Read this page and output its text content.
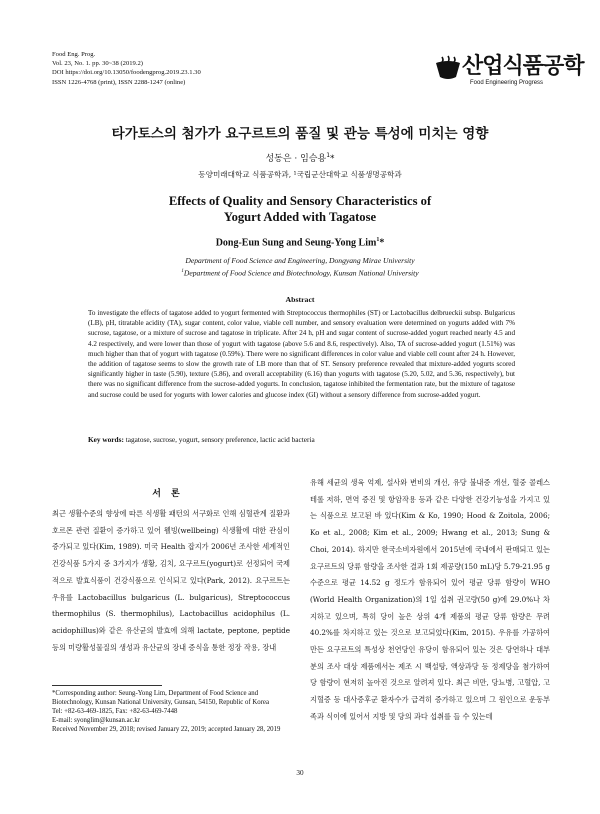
Food Eng. Prog.
Vol. 23, No. 1. pp. 30~38 (2019.2)
DOI https://doi.org/10.13050/foodengprog.2019.23.1.30
ISSN 1226-4768 (print), ISSN 2288-1247 (online)
산업식품공학
Food Engineering Progress
타가토스의 첨가가 요구르트의 품질 및 관능 특성에 미치는 영향
성동은 · 임승용$^1$*
동양미래대학교 식품공학과, ¹국립군산대학교 식품생명공학과
Effects of Quality and Sensory Characteristics of
Yogurt Added with Tagatose
Dong-Eun Sung and Seung-Yong Lim$^1$*
Department of Food Science and Engineering, Dongyang Mirae University
$^1$Department of Food Science and Biotechnology, Kunsan National University
Abstract
To investigate the effects of tagatose added to yogurt fermented with Streptococcus thermophiles (ST) or Lactobacillus delbrueckii subsp. Bulgaricus (LB), pH, titratable acidity (TA), sugar content, color value, viable cell number, and sensory evaluation were determined on yogurts added with 7% sucrose, tagatose, or a mixture of sucrose and tagatose in triplicate. After 24 h, pH and sugar content of sucrose-added yogurt reached nearly 4.5 and 4.2 respectively, and were lower than those of yogurt with tagatose (above 5.6 and 8.6, respectively). Also, TA of sucrose-added yogurt (1.51%) was much higher than that of yogurt with tagatose (0.59%). There were no significant differences in color value and viable cell count after 24 h. However, the addition of tagatose seems to slow the growth rate of LB more than that of ST. Sensory preference revealed that mixture-added yogurts scored significantly higher in taste (5.90), texture (5.86), and overall acceptability (6.16) than yogurts with tagatose (5.20, 5.02, and 5.36, respectively), but there was no significant difference from the sucrose-added yogurts. In conclusion, tagatose inhibited the fermentation rate, but the mixture of tagatose and sucrose could be used for yogurts with lower calories and glucose index (GI) without a sensory difference from sucrose-added yogurt.
Key words: tagatose, sucrose, yogurt, sensory preference, lactic acid bacteria
서론
최근 생활수준의 향상에 따른 식생활 패턴의 서구화로 인해 심혈관계 질환과 호르몬 관련 질환이 증가하고 있어 웰빙(wellbeing) 식생활에 대한 관심이 증가되고 있다(Kim, 1989). 미국 Health 잡지가 2006년 조사한 세계적인 건강식품 5가지 중 3가지가 생황, 김치, 요구르트(yogurt)로 선정되어 국제적으로 발효식품이 건강식품으로 인식되고 있다(Park, 2012). 요구르트는 우유를 Lactobacillus bulgaricus (L. bulgaricus), Streptococcus thermophilus (S. thermophilus), Lactobacillus acidophilus (L. acidophillus)와 같은 유산균의 발효에 의해 lactate, peptone, peptide 등의 미량활성물질의 생성과 유산균의 장내 증식을 통한 정장 작용, 장내
유해 세균의 생육 억제, 설사와 변비의 개선, 유당 불내증 개선, 혈중 콜레스테롤 저하, 면역 증진 및 항암작용 등과 같은 다양한 건강기능성을 가지고 있는 식품으로 보고된 바 있다(Kim & Ko, 1990; Hood & Zoitola, 2006; Ko et al., 2008; Kim et al., 2009; Hwang et al., 2013; Sung & Choi, 2014). 하지만 한국소비자원에서 2015년에 국내에서 판매되고 있는 요구르트의 당류 함량을 조사한 결과 1회 제공량(150 mL)당 5.79-21.95 g 수준으로 평균 14.52 g 정도가 함유되어 있어 평균 당류 함량이 WHO (World Health Organization)의 1일 섭취 권고량(50 g)에 29.0%나 차지하고 있으며, 특히 당이 높은 상위 4개 제품의 평균 당류 함량은 무려 40.2%를 차지하고 있는 것으로 보고되었다(Kim, 2015). 우유를 가공하여 만든 요구르트의 특성상 천연당인 유당이 함유되어 있는 것은 당연하나 대부분의 조사 대상 제품에서는 제조 시 백설탕, 액상과당 등 정제당을 첨가하여 당 함량이 현저히 높아진 것으로 알려져 있다. 최근 비만, 당뇨병, 고혈압, 고지혈증 등 대사증후군 환자수가 급격히 증가하고 있으며 그 원인으로 운동부족과 식이에 있어서 지방 및 당의 과다 섭취를 들 수 있는데
*Corresponding author: Seung-Yong Lim, Department of Food Science and Biotechnology, Kunsan National University, Gunsan, 54150, Republic of Korea
Tel: +82-63-469-1825, Fax: +82-63-469-7448
E-mail: syonglim@kunsan.ac.kr
Received November 29, 2018; revised January 22, 2019; accepted January 28, 2019
30
